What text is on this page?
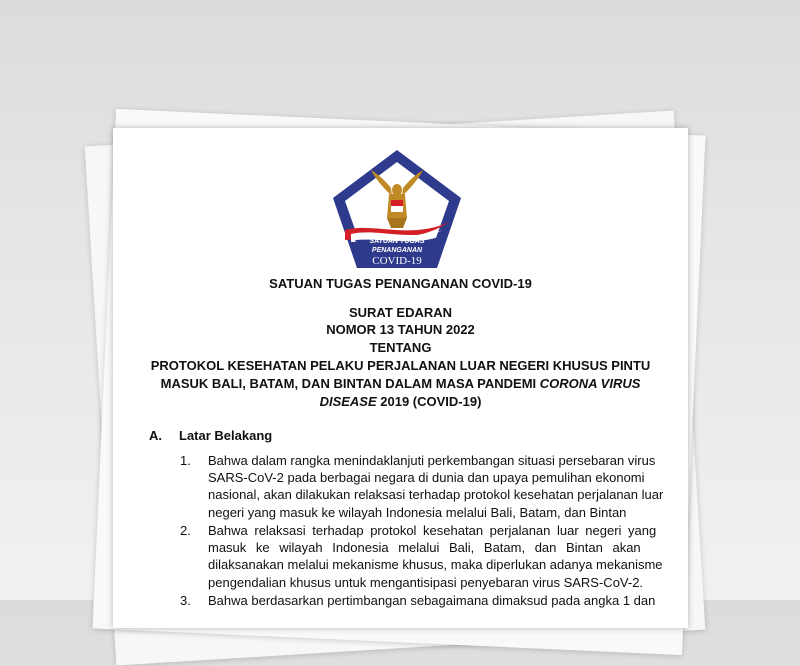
SATUAN TUGAS
PENANGANAN
COVID-19
SATUAN TUGAS PENANGANAN COVID-19
SURAT EDARAN
NOMOR 13 TAHUN 2022
TENTANG
PROTOKOL KESEHATAN PELAKU PERJALANAN LUAR NEGERI KHUSUS PINTU
MASUK BALI, BATAM, DAN BINTAN DALAM MASA PANDEMI CORONA VIRUS
DISEASE 2019 (COVID-19)
A. Latar Belakang
1. Bahwa dalam rangka menindaklanjuti perkembangan situasi persebaran virus
SARS-CoV-2 pada berbagai negara di dunia dan upaya pemulihan ekonomi
nasional, akan dilakukan relaksasi terhadap protokol kesehatan perjalanan luar
negeri yang masuk ke wilayah Indonesia melalui Bali, Batam, dan Bintan
2. Bahwa relaksasi terhadap protokol kesehatan perjalanan luar negeri yang
masuk ke wilayah Indonesia melalui Bali, Batam, dan Bintan akan
dilaksanakan melalui mekanisme khusus, maka diperlukan adanya mekanisme
pengendalian khusus untuk mengantisipasi penyebaran virus SARS-CoV-2.
3. Bahwa berdasarkan pertimbangan sebagaimana dimaksud pada angka 1 dan
